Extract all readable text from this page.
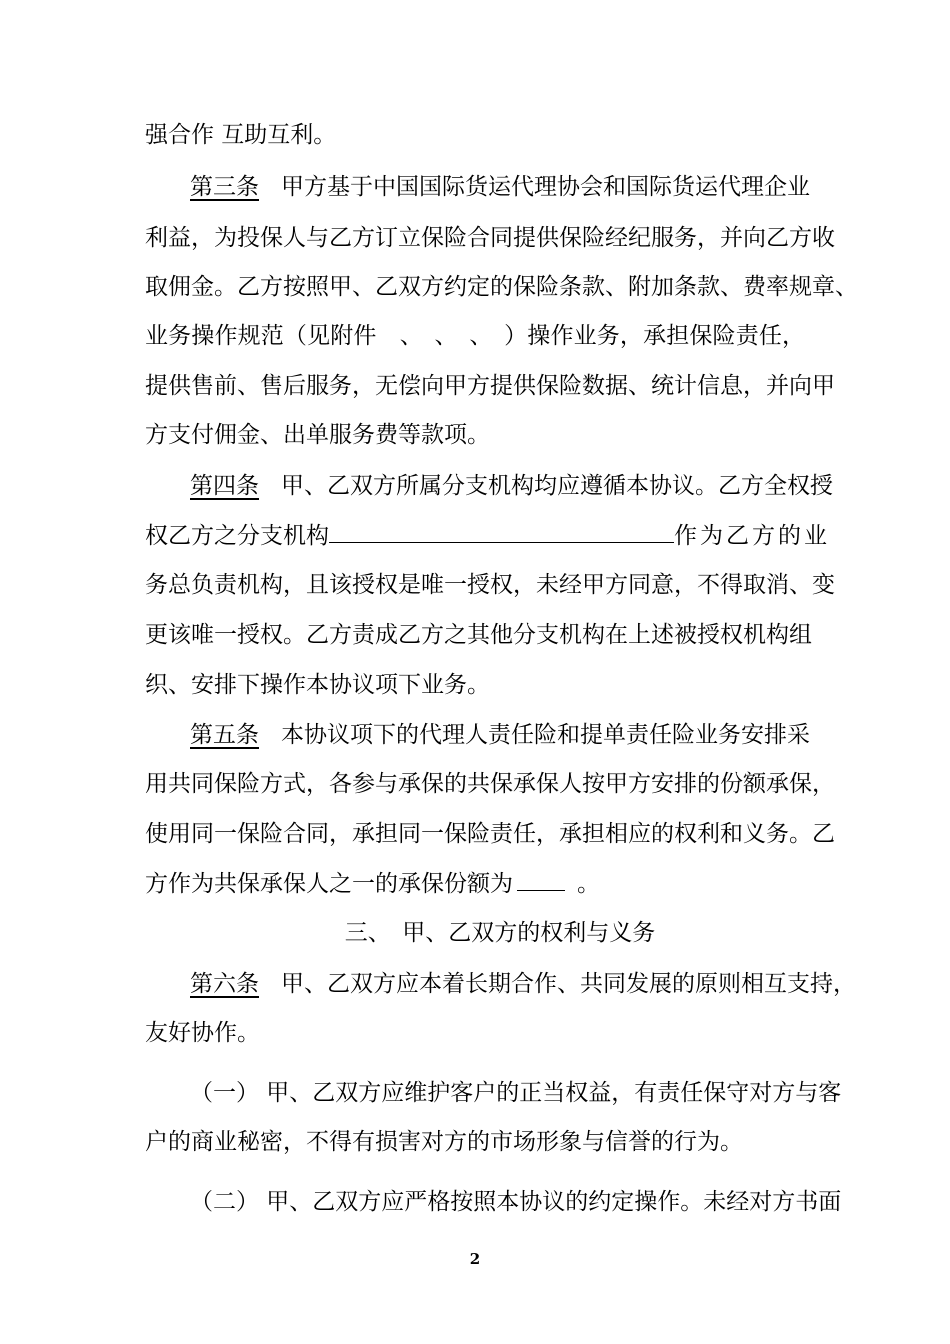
强合作 互助互利。
第三条 甲方基于中国国际货运代理协会和国际货运代理企业
利益，为投保人与乙方订立保险合同提供保险经纪服务，并向乙方收
取佣金。乙方按照甲、乙双方约定的保险条款、附加条款、费率规章、
业务操作规范（见附件　、　、　、　）操作业务，承担保险责任，
提供售前、售后服务，无偿向甲方提供保险数据、统计信息，并向甲
方支付佣金、出单服务费等款项。
第四条 甲、乙双方所属分支机构均应遵循本协议。乙方全权授
权乙方之分支机构	作为乙方的业
务总负责机构，且该授权是唯一授权，未经甲方同意，不得取消、变
更该唯一授权。乙方责成乙方之其他分支机构在上述被授权机构组
织、安排下操作本协议项下业务。
第五条 本协议项下的代理人责任险和提单责任险业务安排采
用共同保险方式，各参与承保的共保承保人按甲方安排的份额承保，
使用同一保险合同，承担同一保险责任，承担相应的权利和义务。乙
方作为共保承保人之一的承保份额为	。
三、　甲、乙双方的权利与义务
第六条 甲、乙双方应本着长期合作、共同发展的原则相互支持，
友好协作。
（一） 甲、乙双方应维护客户的正当权益，有责任保守对方与客
户的商业秘密，不得有损害对方的市场形象与信誉的行为。
（二） 甲、乙双方应严格按照本协议的约定操作。未经对方书面
2
